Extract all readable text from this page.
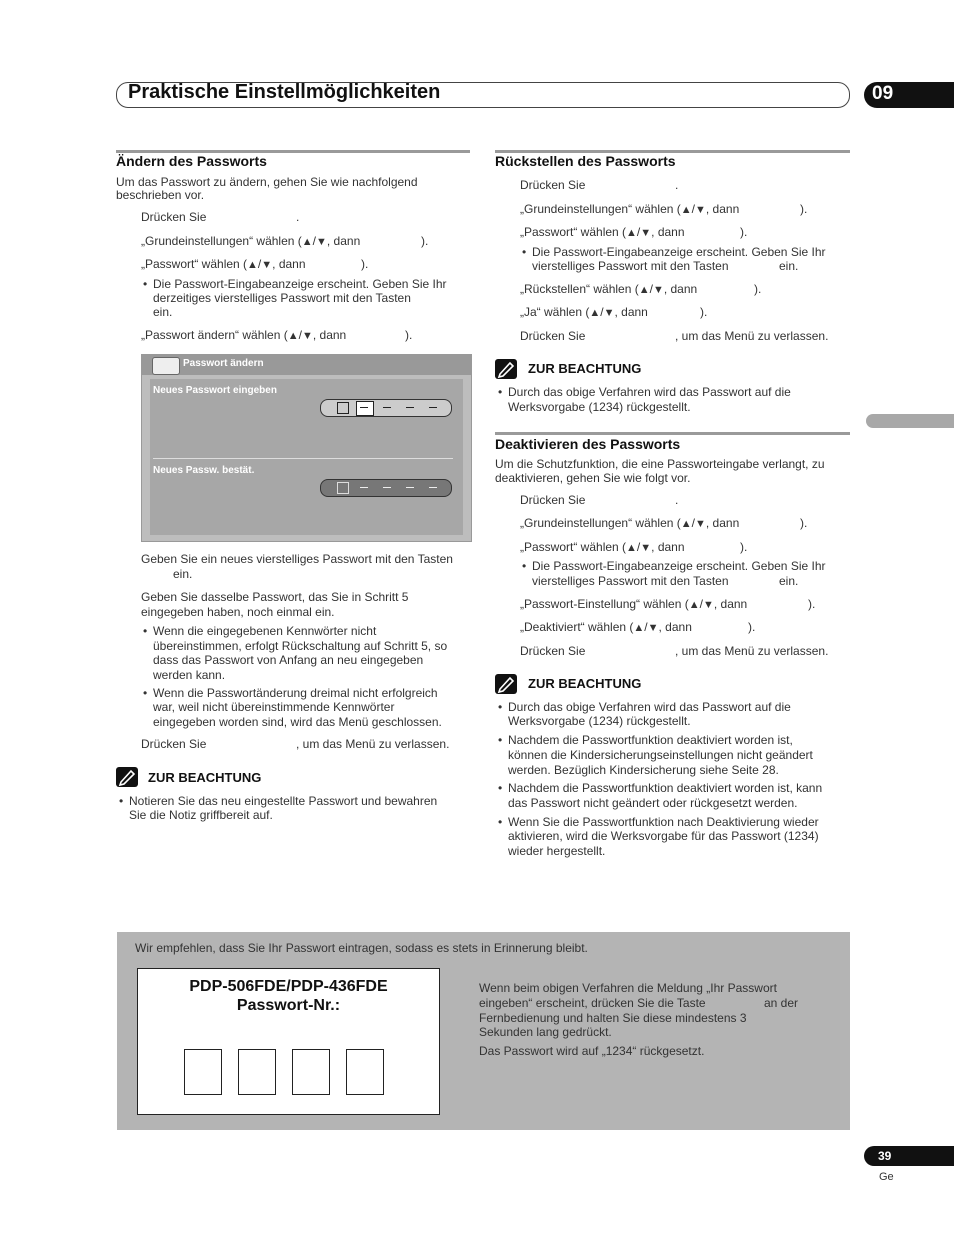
Praktische Einstellmöglichkeiten	09
Ändern des Passworts
Um das Passwort zu ändern, gehen Sie wie nachfolgend
beschrieben vor.
Drücken Sie	.
„Grundeinstellungen“ wählen (▲/▼, dann	).
„Passwort“ wählen (▲/▼, dann	).
• Die Passwort-Eingabeanzeige erscheint. Geben Sie Ihr
derzeitiges vierstelliges Passwort mit den Tasten
ein.
„Passwort ändern“ wählen (▲/▼, dann	).
Passwort ändern
Neues Passwort eingeben
Neues Passw. bestät.
Geben Sie ein neues vierstelliges Passwort mit den Tasten
ein.
Geben Sie dasselbe Passwort, das Sie in Schritt 5
eingegeben haben, noch einmal ein.
• Wenn die eingegebenen Kennwörter nicht
übereinstimmen, erfolgt Rückschaltung auf Schritt 5, so
dass das Passwort von Anfang an neu eingegeben
werden kann.
• Wenn die Passwortänderung dreimal nicht erfolgreich
war, weil nicht übereinstimmende Kennwörter
eingegeben worden sind, wird das Menü geschlossen.
Drücken Sie	, um das Menü zu verlassen.
ZUR BEACHTUNG
• Notieren Sie das neu eingestellte Passwort und bewahren
Sie die Notiz griffbereit auf.
Rückstellen des Passworts
Drücken Sie	.
„Grundeinstellungen“ wählen (▲/▼, dann	).
„Passwort“ wählen (▲/▼, dann	).
• Die Passwort-Eingabeanzeige erscheint. Geben Sie Ihr
vierstelliges Passwort mit den Tasten	ein.
„Rückstellen“ wählen (▲/▼, dann	).
„Ja“ wählen (▲/▼, dann	).
Drücken Sie	, um das Menü zu verlassen.
ZUR BEACHTUNG
• Durch das obige Verfahren wird das Passwort auf die
Werksvorgabe (1234) rückgestellt.
Deaktivieren des Passworts
Um die Schutzfunktion, die eine Passworteingabe verlangt, zu
deaktivieren, gehen Sie wie folgt vor.
Drücken Sie	.
„Grundeinstellungen“ wählen (▲/▼, dann	).
„Passwort“ wählen (▲/▼, dann	).
• Die Passwort-Eingabeanzeige erscheint. Geben Sie Ihr
vierstelliges Passwort mit den Tasten	ein.
„Passwort-Einstellung“ wählen (▲/▼, dann	).
„Deaktiviert“ wählen (▲/▼, dann	).
Drücken Sie	, um das Menü zu verlassen.
ZUR BEACHTUNG
• Durch das obige Verfahren wird das Passwort auf die
Werksvorgabe (1234) rückgestellt.
• Nachdem die Passwortfunktion deaktiviert worden ist,
können die Kindersicherungseinstellungen nicht geändert
werden. Bezüglich Kindersicherung siehe Seite 28.
• Nachdem die Passwortfunktion deaktiviert worden ist, kann
das Passwort nicht geändert oder rückgesetzt werden.
• Wenn Sie die Passwortfunktion nach Deaktivierung wieder
aktivieren, wird die Werksvorgabe für das Passwort (1234)
wieder hergestellt.
Wir empfehlen, dass Sie Ihr Passwort eintragen, sodass es stets in Erinnerung bleibt.
PDP-506FDE/PDP-436FDE
Passwort-Nr.:
Wenn beim obigen Verfahren die Meldung „Ihr Passwort
eingeben“ erscheint, drücken Sie die Taste	an der
Fernbedienung und halten Sie diese mindestens 3
Sekunden lang gedrückt.
Das Passwort wird auf „1234“ rückgesetzt.
39
Ge
